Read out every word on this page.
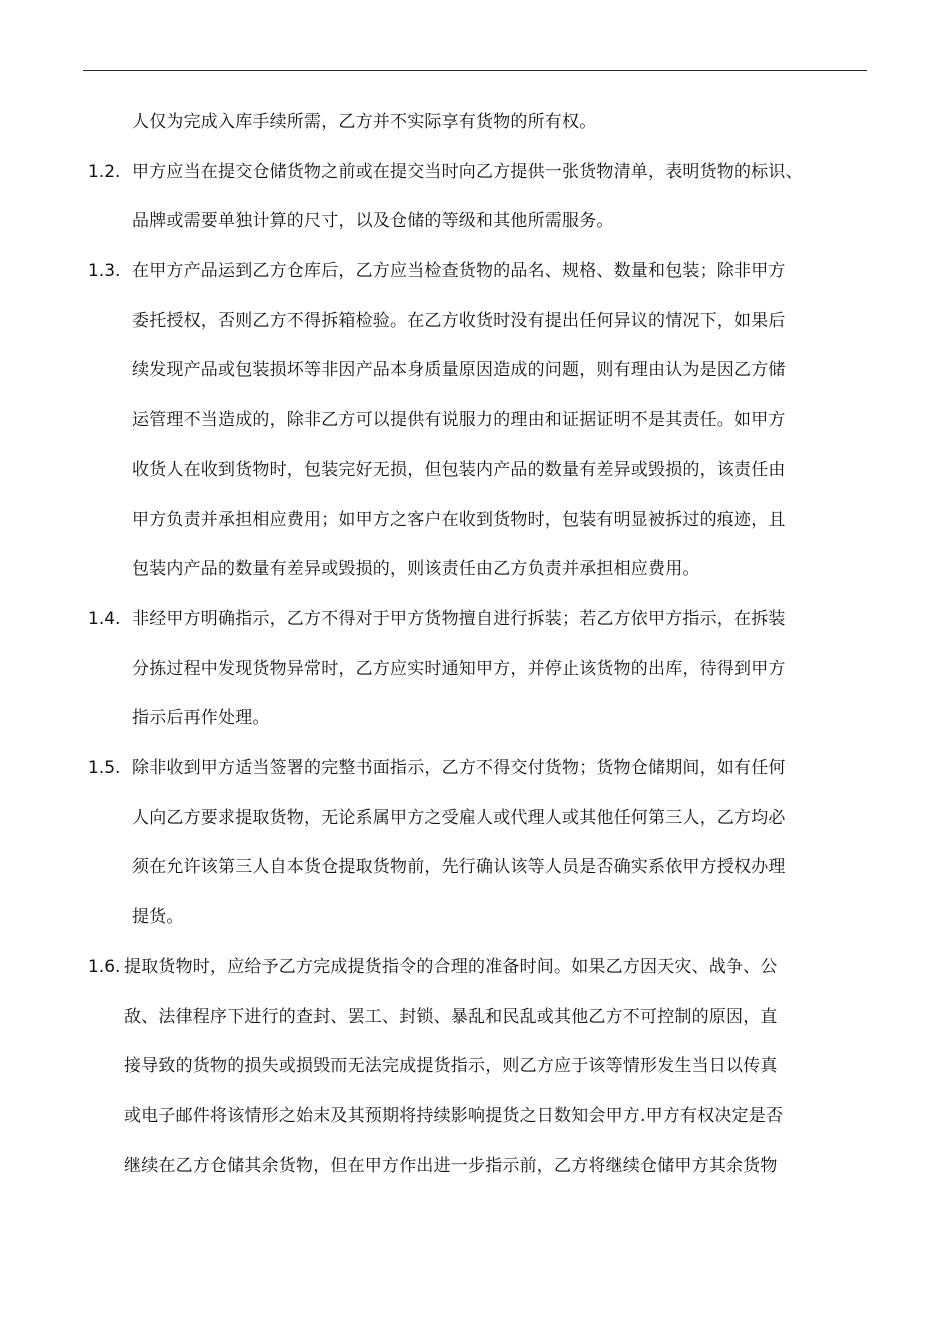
1.2.
1.3.
1.4.
1.5.
1.6.
人仅为完成入库手续所需，乙方并不实际享有货物的所有权。
甲方应当在提交仓储货物之前或在提交当时向乙方提供一张货物清单，表明货物的标识、
品牌或需要单独计算的尺寸，以及仓储的等级和其他所需服务。
在甲方产品运到乙方仓库后，乙方应当检查货物的品名、规格、数量和包装；除非甲方
委托授权，否则乙方不得拆箱检验。在乙方收货时没有提出任何异议的情况下，如果后
续发现产品或包装损坏等非因产品本身质量原因造成的问题，则有理由认为是因乙方储
运管理不当造成的，除非乙方可以提供有说服力的理由和证据证明不是其责任。如甲方
收货人在收到货物时，包装完好无损，但包装内产品的数量有差异或毁损的，该责任由
甲方负责并承担相应费用；如甲方之客户在收到货物时，包装有明显被拆过的痕迹，且
包装内产品的数量有差异或毁损的，则该责任由乙方负责并承担相应费用。
非经甲方明确指示，乙方不得对于甲方货物擅自进行拆装；若乙方依甲方指示，在拆装
分拣过程中发现货物异常时，乙方应实时通知甲方，并停止该货物的出库，待得到甲方
指示后再作处理。
除非收到甲方适当签署的完整书面指示，乙方不得交付货物；货物仓储期间，如有任何
人向乙方要求提取货物，无论系属甲方之受雇人或代理人或其他任何第三人，乙方均必
须在允许该第三人自本货仓提取货物前，先行确认该等人员是否确实系依甲方授权办理
提货。
提取货物时，应给予乙方完成提货指令的合理的准备时间。如果乙方因天灾、战争、公
敌、法律程序下进行的查封、罢工、封锁、暴乱和民乱或其他乙方不可控制的原因，直
接导致的货物的损失或损毁而无法完成提货指示，则乙方应于该等情形发生当日以传真
或电子邮件将该情形之始末及其预期将持续影响提货之日数知会甲方.甲方有权决定是否
继续在乙方仓储其余货物，但在甲方作出进一步指示前，乙方将继续仓储甲方其余货物
